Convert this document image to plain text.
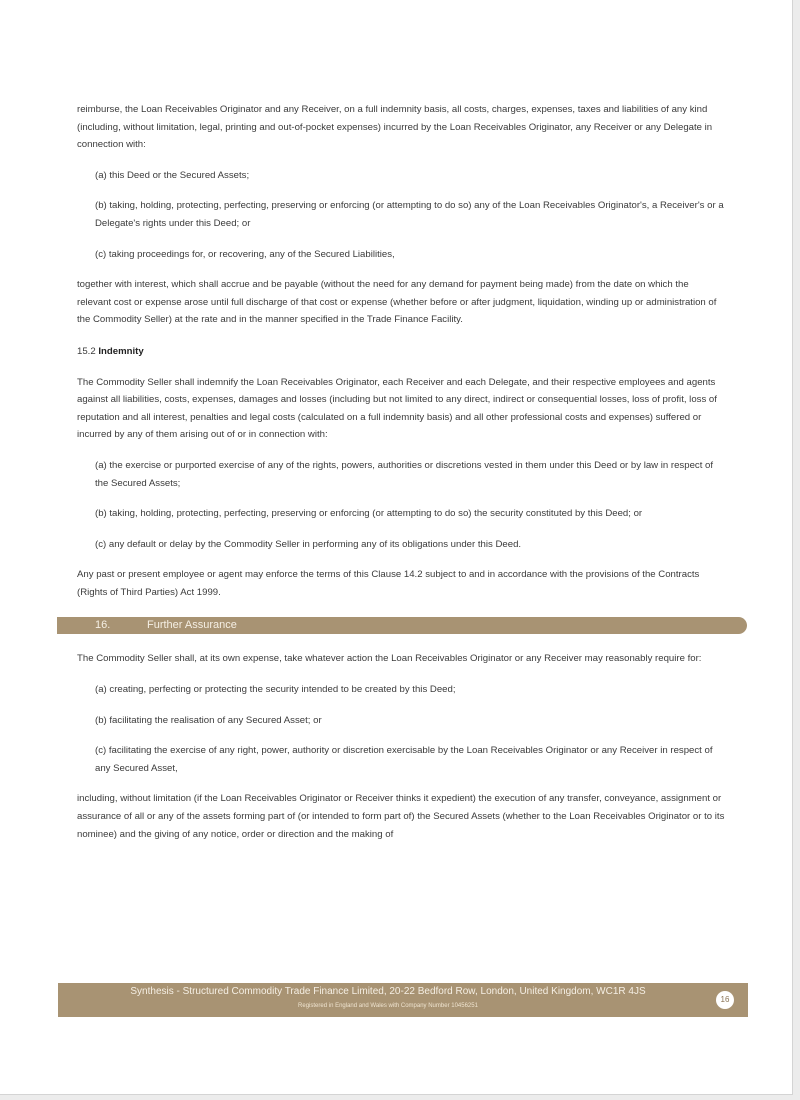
reimburse, the Loan Receivables Originator and any Receiver, on a full indemnity basis, all costs, charges, expenses, taxes and liabilities of any kind (including, without limitation, legal, printing and out-of-pocket expenses) incurred by the Loan Receivables Originator, any Receiver or any Delegate in connection with:

(a) this Deed or the Secured Assets;

(b) taking, holding, protecting, perfecting, preserving or enforcing (or attempting to do so) any of the Loan Receivables Originator's, a Receiver's or a Delegate's rights under this Deed; or

(c) taking proceedings for, or recovering, any of the Secured Liabilities,

together with interest, which shall accrue and be payable (without the need for any demand for payment being made) from the date on which the relevant cost or expense arose until full discharge of that cost or expense (whether before or after judgment, liquidation, winding up or administration of the Commodity Seller) at the rate and in the manner specified in the Trade Finance Facility.

15.2 Indemnity

The Commodity Seller shall indemnify the Loan Receivables Originator, each Receiver and each Delegate, and their respective employees and agents against all liabilities, costs, expenses, damages and losses (including but not limited to any direct, indirect or consequential losses, loss of profit, loss of reputation and all interest, penalties and legal costs (calculated on a full indemnity basis) and all other professional costs and expenses) suffered or incurred by any of them arising out of or in connection with:

(a) the exercise or purported exercise of any of the rights, powers, authorities or discretions vested in them under this Deed or by law in respect of the Secured Assets;

(b) taking, holding, protecting, perfecting, preserving or enforcing (or attempting to do so) the security constituted by this Deed; or

(c) any default or delay by the Commodity Seller in performing any of its obligations under this Deed.

Any past or present employee or agent may enforce the terms of this Clause 14.2 subject to and in accordance with the provisions of the Contracts (Rights of Third Parties) Act 1999.

16.	Further Assurance

The Commodity Seller shall, at its own expense, take whatever action the Loan Receivables Originator or any Receiver may reasonably require for:

(a) creating, perfecting or protecting the security intended to be created by this Deed;

(b) facilitating the realisation of any Secured Asset; or

(c) facilitating the exercise of any right, power, authority or discretion exercisable by the Loan Receivables Originator or any Receiver in respect of any Secured Asset,

including, without limitation (if the Loan Receivables Originator or Receiver thinks it expedient) the execution of any transfer, conveyance, assignment or assurance of all or any of the assets forming part of (or intended to form part of) the Secured Assets (whether to the Loan Receivables Originator or to its nominee) and the giving of any notice, order or direction and the making of

Synthesis - Structured Commodity Trade Finance Limited, 20-22 Bedford Row, London, United Kingdom, WC1R 4JS
Registered in England and Wales with Company Number 10456251
16
